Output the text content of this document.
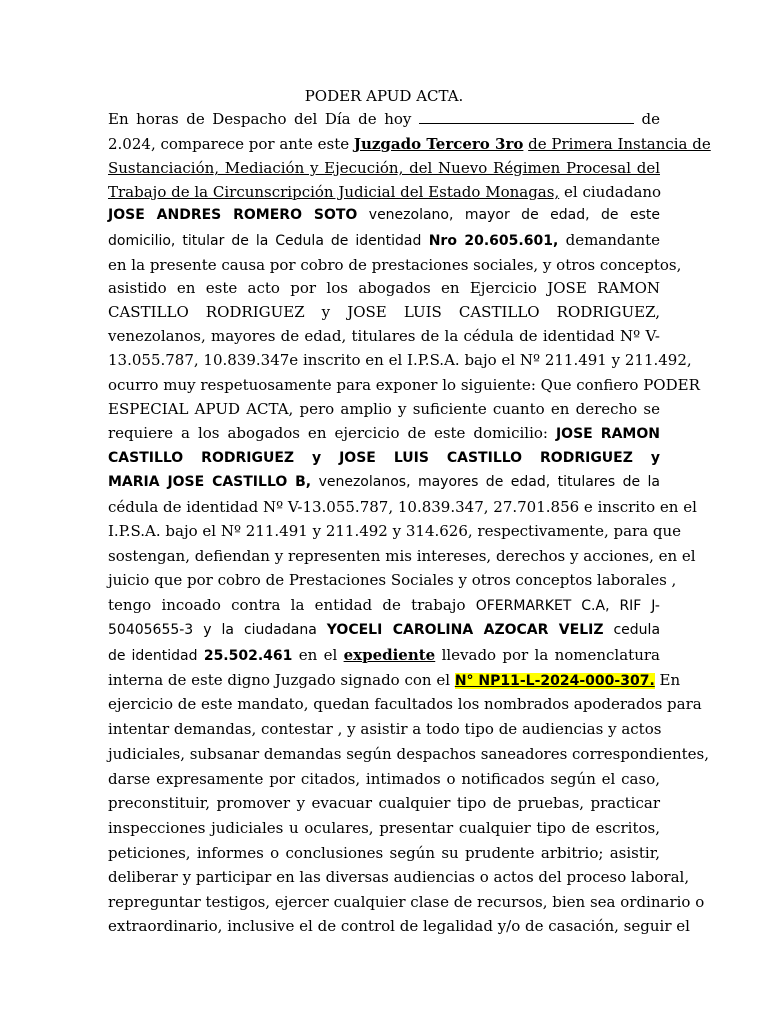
PODER APUD ACTA.
En horas de Despacho del Día de hoy	de
2.024, comparece por ante este Juzgado Tercero 3ro de Primera Instancia de
Sustanciación, Mediación y Ejecución, del Nuevo Régimen Procesal del
Trabajo de la Circunscripción Judicial del Estado Monagas, el ciudadano
JOSE ANDRES ROMERO SOTO venezolano, mayor de edad, de este
domicilio, titular de la Cedula de identidad Nro 20.605.601, demandante
en la presente causa por cobro de prestaciones sociales, y otros conceptos,
asistido en este acto por los abogados en Ejercicio JOSE RAMON
CASTILLO RODRIGUEZ y JOSE LUIS CASTILLO RODRIGUEZ,
venezolanos, mayores de edad, titulares de la cédula de identidad Nº V-
13.055.787, 10.839.347e inscrito en el I.P.S.A. bajo el Nº 211.491 y 211.492,
ocurro muy respetuosamente para exponer lo siguiente: Que confiero PODER
ESPECIAL APUD ACTA, pero amplio y suficiente cuanto en derecho se
requiere a los abogados en ejercicio de este domicilio: JOSE RAMON
CASTILLO RODRIGUEZ y JOSE LUIS CASTILLO RODRIGUEZ y
MARIA JOSE CASTILLO B, venezolanos, mayores de edad, titulares de la
cédula de identidad Nº V-13.055.787, 10.839.347, 27.701.856 e inscrito en el
I.P.S.A. bajo el Nº 211.491 y 211.492 y 314.626, respectivamente, para que
sostengan, defiendan y representen mis intereses, derechos y acciones, en el
juicio que por cobro de Prestaciones Sociales y otros conceptos laborales ,
tengo incoado contra la entidad de trabajo OFERMARKET C.A, RIF J-
50405655-3 y la ciudadana YOCELI CAROLINA AZOCAR VELIZ cedula
de identidad 25.502.461 en el expediente llevado por la nomenclatura
interna de este digno Juzgado signado con el N° NP11-L-2024-000-307. En
ejercicio de este mandato, quedan facultados los nombrados apoderados para
intentar demandas, contestar , y asistir a todo tipo de audiencias y actos
judiciales, subsanar demandas según despachos saneadores correspondientes,
darse expresamente por citados, intimados o notificados según el caso,
preconstituir, promover y evacuar cualquier tipo de pruebas, practicar
inspecciones judiciales u oculares, presentar cualquier tipo de escritos,
peticiones, informes o conclusiones según su prudente arbitrio; asistir,
deliberar y participar en las diversas audiencias o actos del proceso laboral,
repreguntar testigos, ejercer cualquier clase de recursos, bien sea ordinario o
extraordinario, inclusive el de control de legalidad y/o de casación, seguir el
